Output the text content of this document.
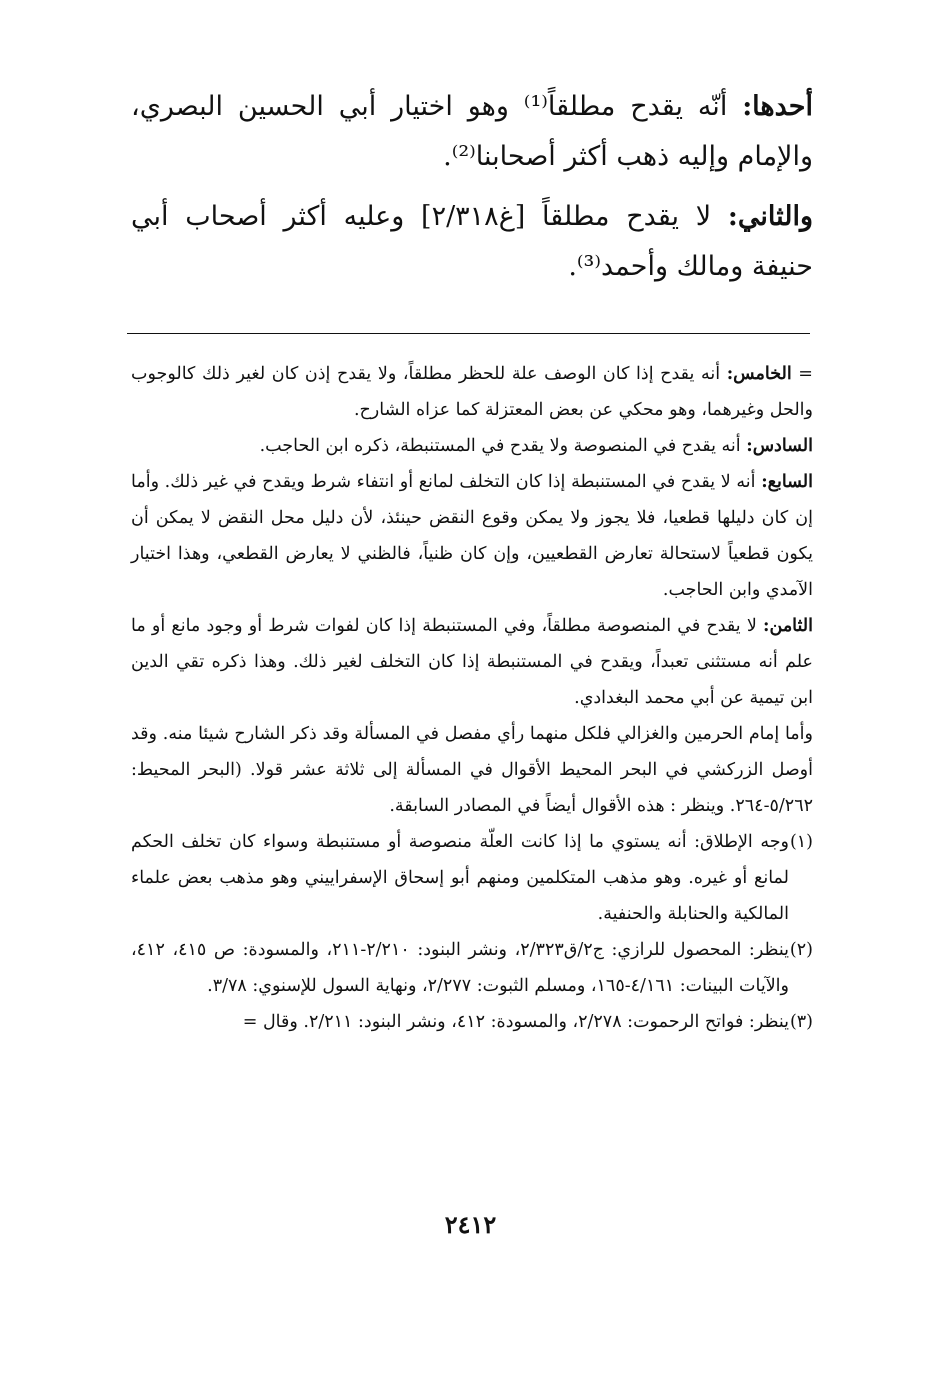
أحدها: أنّه يقدح مطلقاً⁽¹⁾ وهو اختيار أبي الحسين البصري، والإمام وإليه ذهب أكثر أصحابنا⁽²⁾.

والثاني: لا يقدح مطلقاً [غ٢/٣١٨] وعليه أكثر أصحاب أبي حنيفة ومالك وأحمد⁽³⁾.

= الخامس: أنه يقدح إذا كان الوصف علة للحظر مطلقاً، ولا يقدح إذن كان لغير ذلك كالوجوب والحل وغيرهما، وهو محكي عن بعض المعتزلة كما عزاه الشارح.

السادس: أنه يقدح في المنصوصة ولا يقدح في المستنبطة، ذكره ابن الحاجب.

السابع: أنه لا يقدح في المستنبطة إذا كان التخلف لمانع أو انتفاء شرط ويقدح في غير ذلك. وأما إن كان دليلها قطعيا، فلا يجوز ولا يمكن وقوع النقض حينئذ، لأن دليل محل النقض لا يمكن أن يكون قطعياً لاستحالة تعارض القطعيين، وإن كان ظنياً، فالظني لا يعارض القطعي، وهذا اختيار الآمدي وابن الحاجب.

الثامن: لا يقدح في المنصوصة مطلقاً، وفي المستنبطة إذا كان لفوات شرط أو وجود مانع أو ما علم أنه مستثنى تعبداً، ويقدح في المستنبطة إذا كان التخلف لغير ذلك. وهذا ذكره تقي الدين ابن تيمية عن أبي محمد البغدادي.

وأما إمام الحرمين والغزالي فلكل منهما رأي مفصل في المسألة وقد ذكر الشارح شيئا منه. وقد أوصل الزركشي في البحر المحيط الأقوال في المسألة إلى ثلاثة عشر قولا. (البحر المحيط: ٥/٢٦٢-٢٦٤. وينظر : هذه الأقوال أيضاً في المصادر السابقة.

(١)وجه الإطلاق: أنه يستوي ما إذا كانت العلّة منصوصة أو مستنبطة وسواء كان تخلف الحكم لمانع أو غيره. وهو مذهب المتكلمين ومنهم أبو إسحاق الإسفراييني وهو مذهب بعض علماء المالكية والحنابلة والحنفية.

(٢)ينظر: المحصول للرازي: ج٢/ق٢/٣٢٣، ونشر البنود: ٢/٢١٠-٢١١، والمسودة: ص ٤١٥، ٤١٢، والآيات البينات: ٤/١٦١-١٦٥، ومسلم الثبوت: ٢/٢٧٧، ونهاية السول للإسنوي: ٣/٧٨.

(٣)ينظر: فواتح الرحموت: ٢/٢٧٨، والمسودة: ٤١٢، ونشر البنود: ٢/٢١١. وقال =

٢٤١٢
